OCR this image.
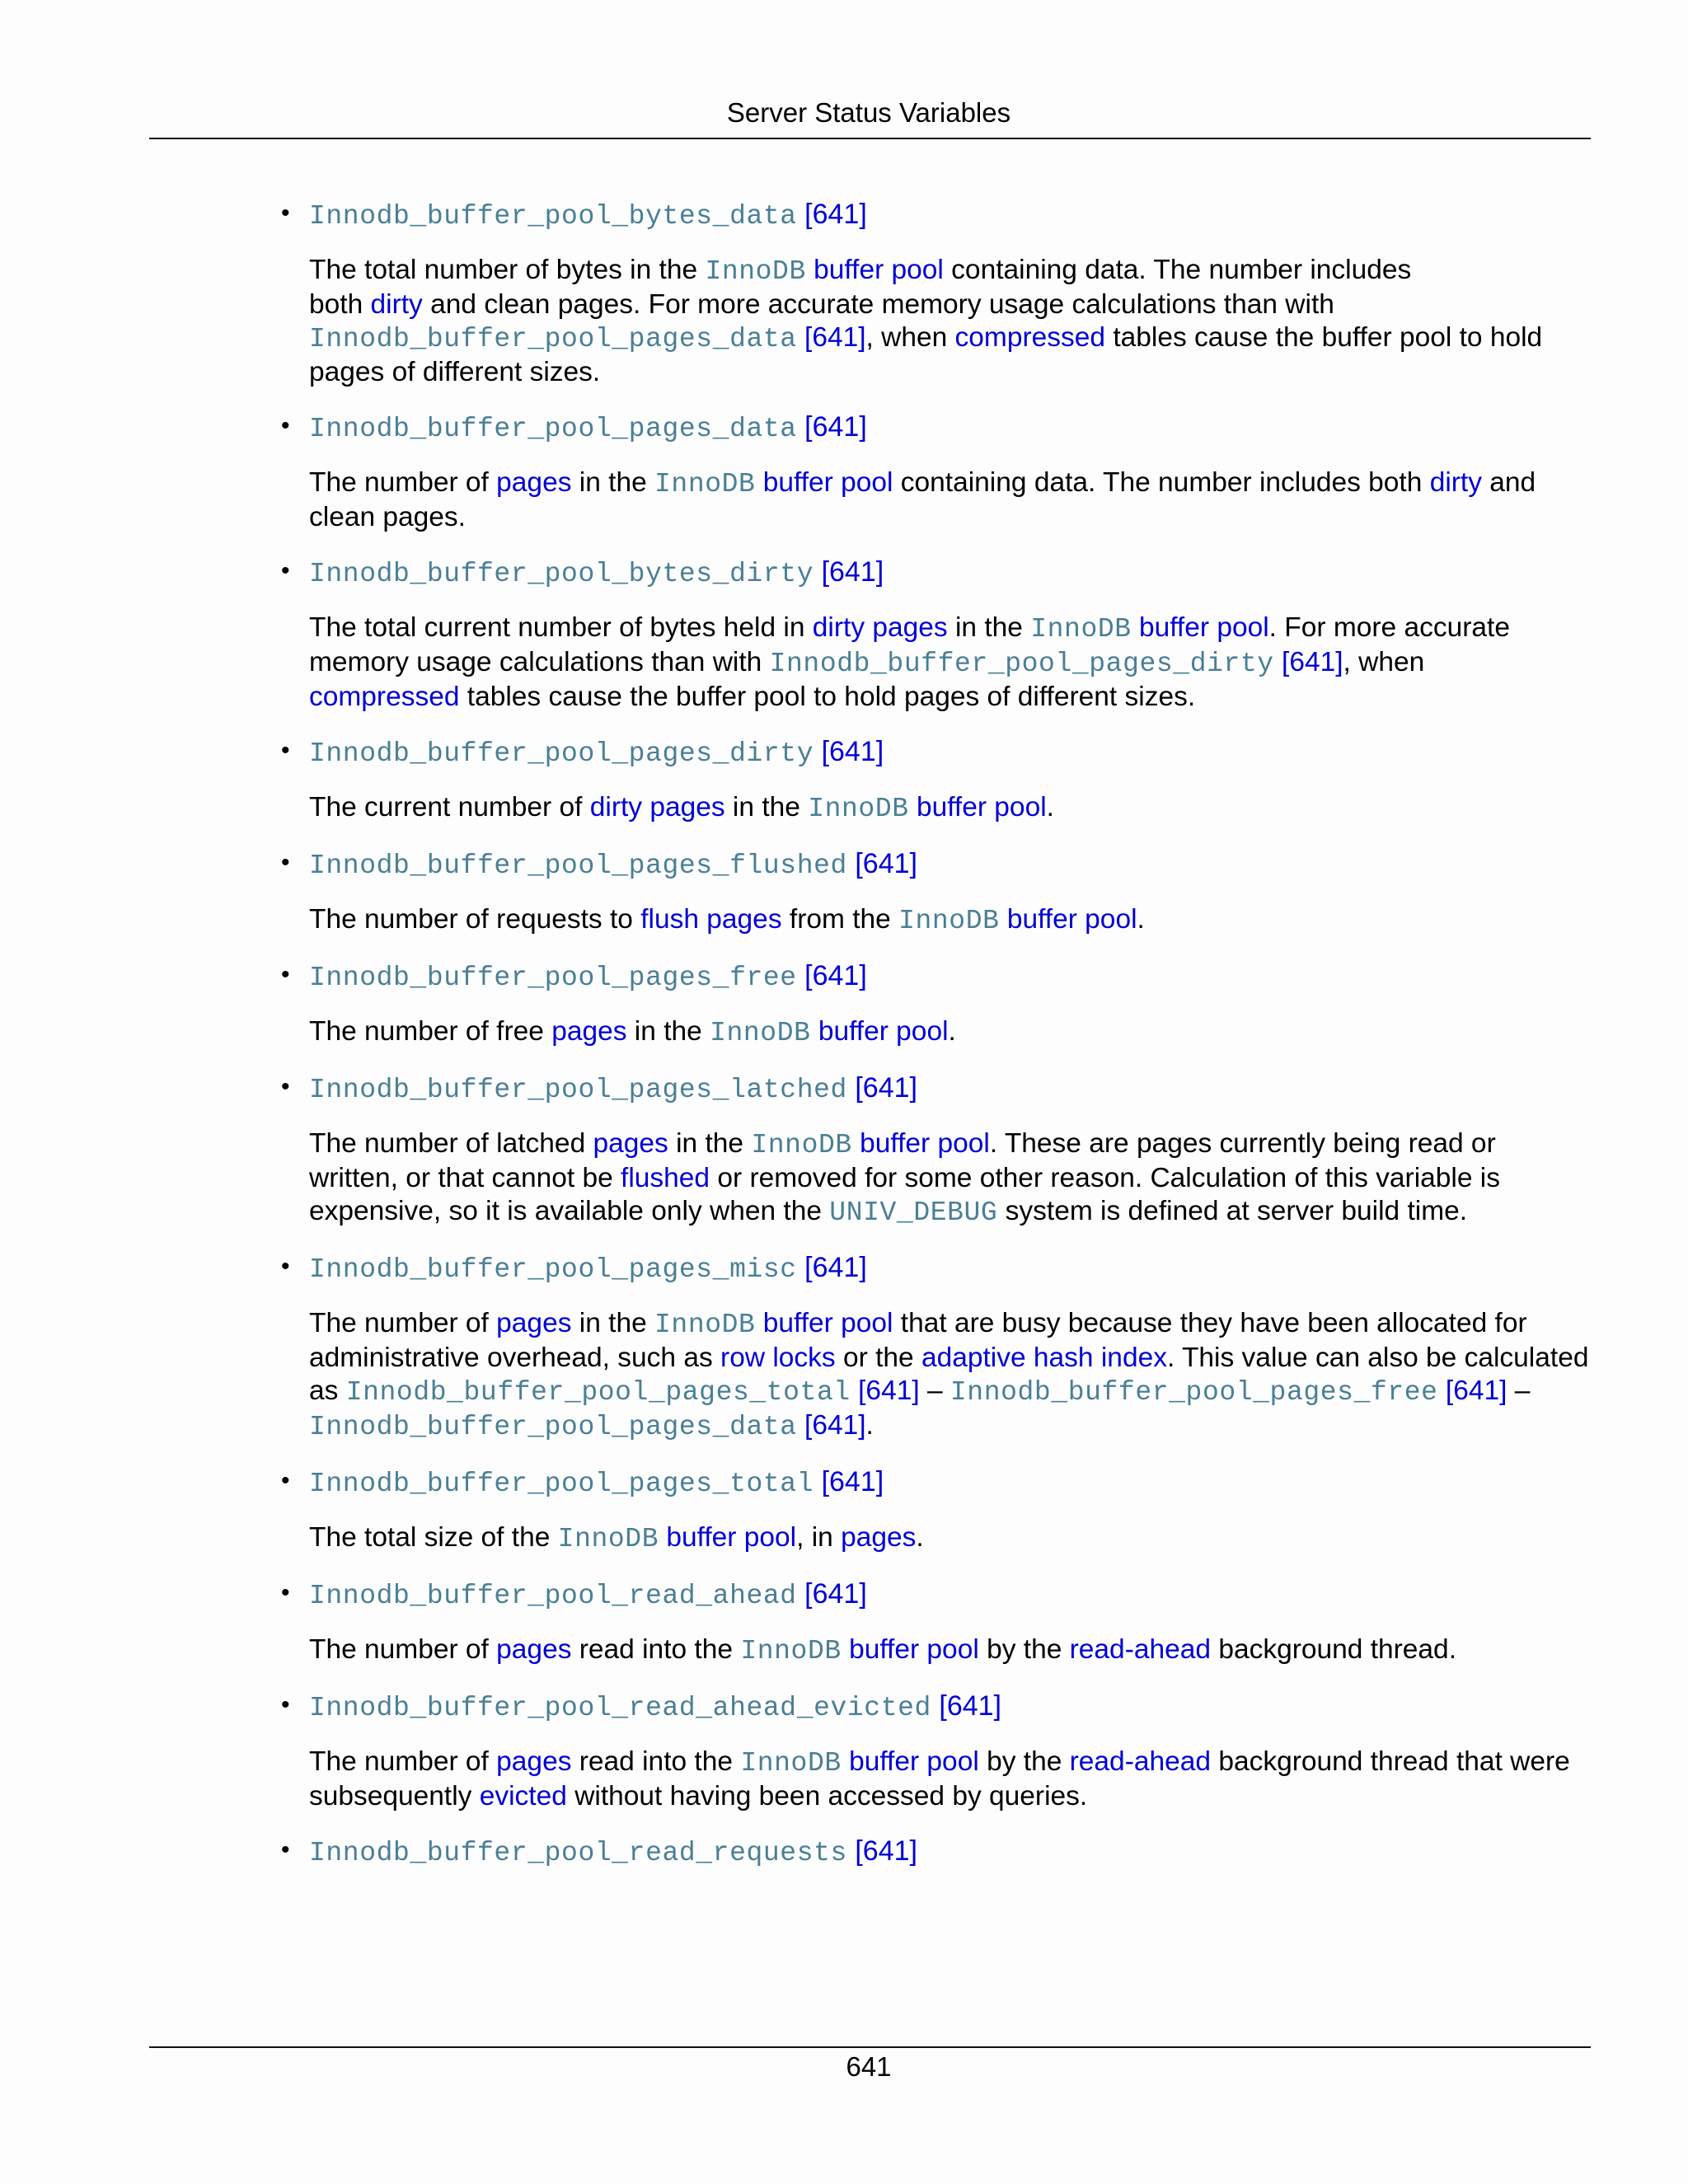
Server Status Variables
• Innodb_buffer_pool_bytes_data [641]
The total number of bytes in the InnoDB buffer pool containing data. The number includes
both dirty and clean pages. For more accurate memory usage calculations than with
Innodb_buffer_pool_pages_data [641], when compressed tables cause the buffer pool to hold
pages of different sizes.
• Innodb_buffer_pool_pages_data [641]
The number of pages in the InnoDB buffer pool containing data. The number includes both dirty and
clean pages.
• Innodb_buffer_pool_bytes_dirty [641]
The total current number of bytes held in dirty pages in the InnoDB buffer pool. For more accurate
memory usage calculations than with Innodb_buffer_pool_pages_dirty [641], when
compressed tables cause the buffer pool to hold pages of different sizes.
• Innodb_buffer_pool_pages_dirty [641]
The current number of dirty pages in the InnoDB buffer pool.
• Innodb_buffer_pool_pages_flushed [641]
The number of requests to flush pages from the InnoDB buffer pool.
• Innodb_buffer_pool_pages_free [641]
The number of free pages in the InnoDB buffer pool.
• Innodb_buffer_pool_pages_latched [641]
The number of latched pages in the InnoDB buffer pool. These are pages currently being read or
written, or that cannot be flushed or removed for some other reason. Calculation of this variable is
expensive, so it is available only when the UNIV_DEBUG system is defined at server build time.
• Innodb_buffer_pool_pages_misc [641]
The number of pages in the InnoDB buffer pool that are busy because they have been allocated for
administrative overhead, such as row locks or the adaptive hash index. This value can also be calculated
as Innodb_buffer_pool_pages_total [641] – Innodb_buffer_pool_pages_free [641] –
Innodb_buffer_pool_pages_data [641].
• Innodb_buffer_pool_pages_total [641]
The total size of the InnoDB buffer pool, in pages.
• Innodb_buffer_pool_read_ahead [641]
The number of pages read into the InnoDB buffer pool by the read-ahead background thread.
• Innodb_buffer_pool_read_ahead_evicted [641]
The number of pages read into the InnoDB buffer pool by the read-ahead background thread that were
subsequently evicted without having been accessed by queries.
• Innodb_buffer_pool_read_requests [641]
641
